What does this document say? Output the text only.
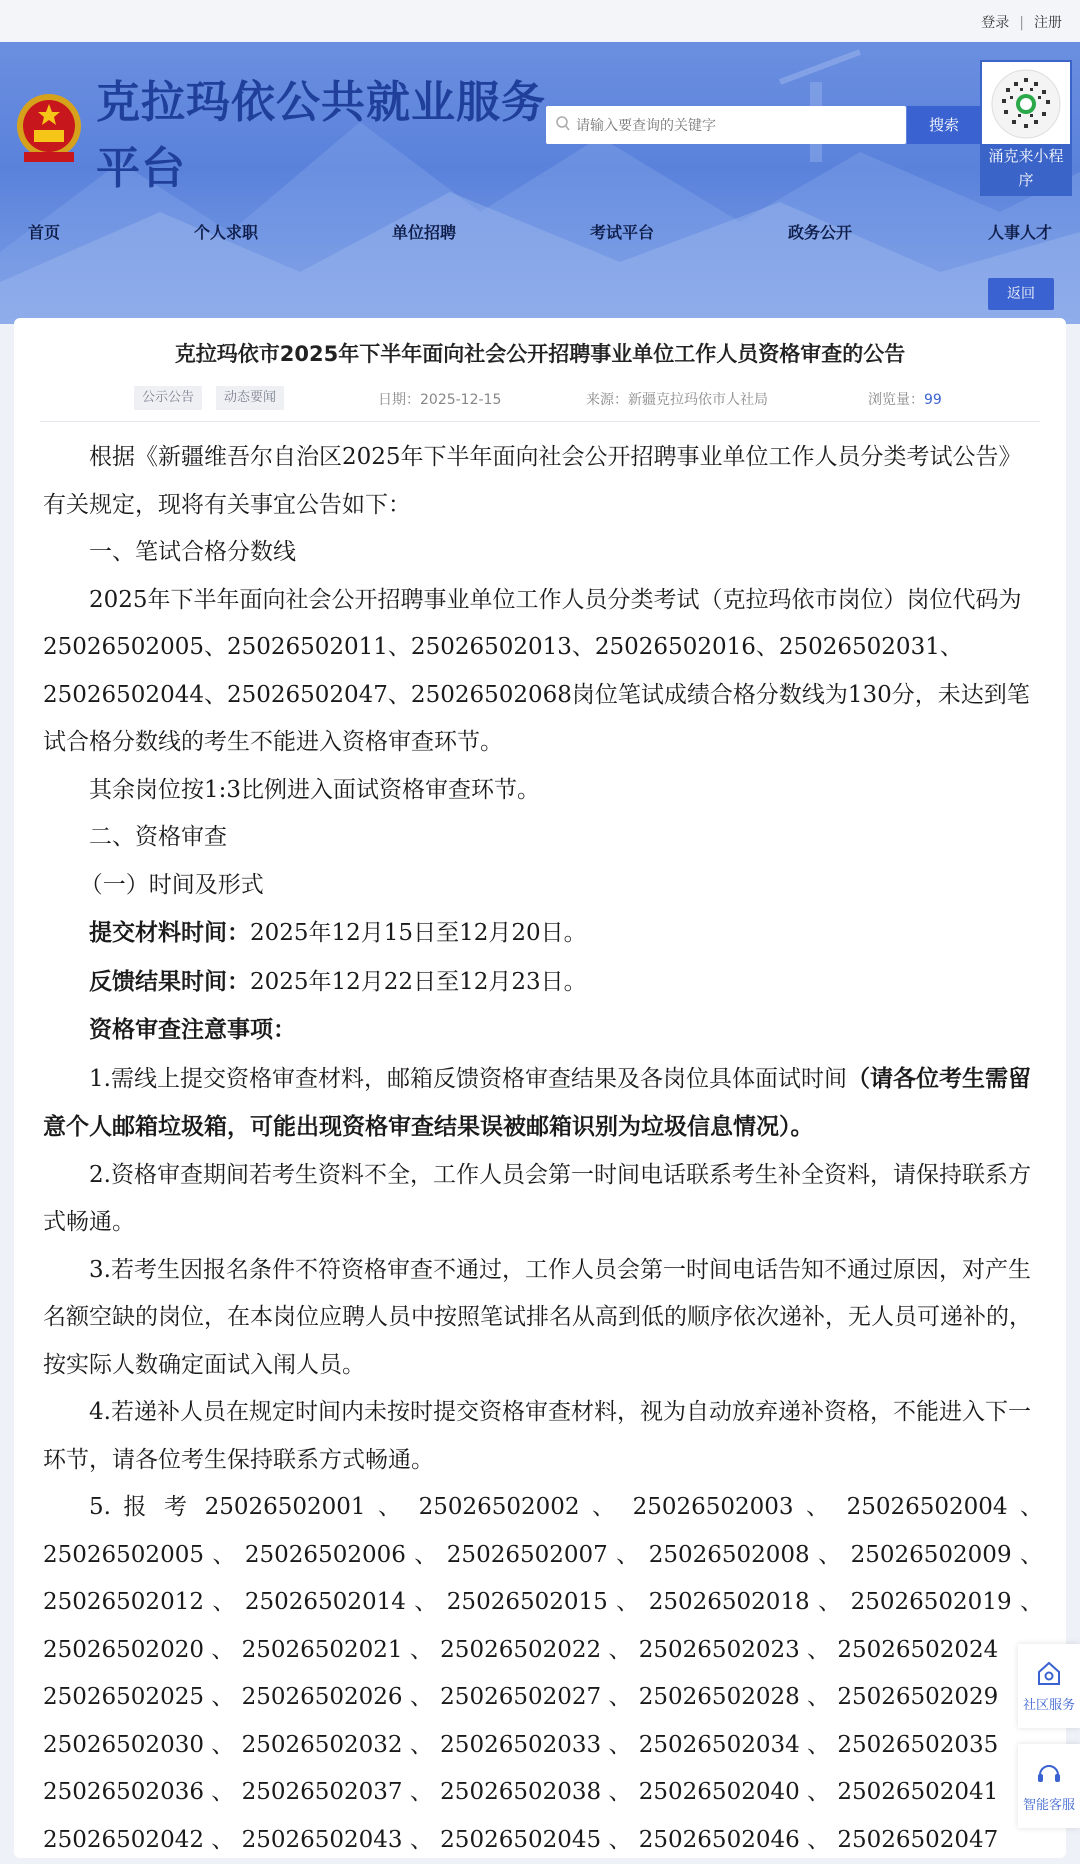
登录 | 注册
克拉玛依公共就业服务平台
请输入要查询的关键字
搜索
涌克来小程序
首页	个人求职	单位招聘	考试平台	政务公开	人事人才
返回
克拉玛依市2025年下半年面向社会公开招聘事业单位工作人员资格审查的公告
公示公告	动态要闻	日期：2025-12-15	来源：新疆克拉玛依市人社局	浏览量：99

根据《新疆维吾尔自治区2025年下半年面向社会公开招聘事业单位工作人员分类考试公告》有关规定，现将有关事宜公告如下：

一、笔试合格分数线

2025年下半年面向社会公开招聘事业单位工作人员分类考试（克拉玛依市岗位）岗位代码为25026502005、25026502011、25026502013、25026502016、25026502031、25026502044、25026502047、25026502068岗位笔试成绩合格分数线为130分，未达到笔试合格分数线的考生不能进入资格审查环节。

其余岗位按1:3比例进入面试资格审查环节。

二、资格审查

（一）时间及形式

提交材料时间：2025年12月15日至12月20日。

反馈结果时间：2025年12月22日至12月23日。

资格审查注意事项：

1.需线上提交资格审查材料，邮箱反馈资格审查结果及各岗位具体面试时间（请各位考生需留意个人邮箱垃圾箱，可能出现资格审查结果误被邮箱识别为垃圾信息情况）。

2.资格审查期间若考生资料不全，工作人员会第一时间电话联系考生补全资料，请保持联系方式畅通。

3.若考生因报名条件不符资格审查不通过，工作人员会第一时间电话告知不通过原因，对产生名额空缺的岗位，在本岗位应聘人员中按照笔试排名从高到低的顺序依次递补，无人员可递补的，按实际人数确定面试入闱人员。

4.若递补人员在规定时间内未按时提交资格审查材料，视为自动放弃递补资格，不能进入下一环节，请各位考生保持联系方式畅通。

5. 报 考 25026502001 、 25026502002 、 25026502003 、 25026502004 、

25026502005 、 25026502006 、 25026502007 、 25026502008 、 25026502009 、

25026502012 、 25026502014 、 25026502015 、 25026502018 、 25026502019 、

25026502020 、 25026502021 、 25026502022 、 25026502023 、 25026502024

25026502025 、 25026502026 、 25026502027 、 25026502028 、 25026502029

25026502030 、 25026502032 、 25026502033 、 25026502034 、 25026502035

25026502036 、 25026502037 、 25026502038 、 25026502040 、 25026502041

25026502042 、 25026502043 、 25026502045 、 25026502046 、 25026502047

社区服务
智能客服
